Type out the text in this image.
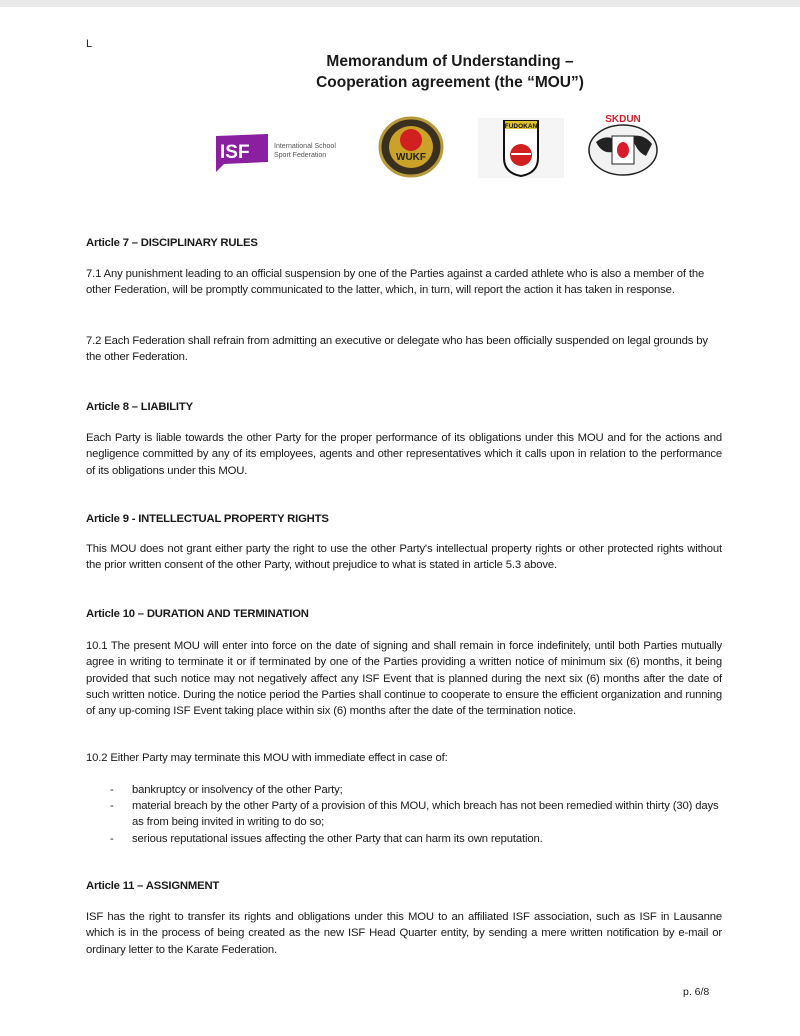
L
Memorandum of Understanding –
Cooperation agreement (the “MOU”)
ISF	International School
Sport Federation	WUKF
FUDOKAN
SKDUN
Article 7 – DISCIPLINARY RULES

7.1 Any punishment leading to an official suspension by one of the Parties against a carded athlete who is also a member of the other Federation, will be promptly communicated to the latter, which, in turn, will report the action it has taken in response.

7.2 Each Federation shall refrain from admitting an executive or delegate who has been officially suspended on legal grounds by the other Federation.

Article 8 – LIABILITY

Each Party is liable towards the other Party for the proper performance of its obligations under this MOU and for the actions and negligence committed by any of its employees, agents and other representatives which it calls upon in relation to the performance of its obligations under this MOU.

Article 9 - INTELLECTUAL PROPERTY RIGHTS

This MOU does not grant either party the right to use the other Party's intellectual property rights or other protected rights without the prior written consent of the other Party, without prejudice to what is stated in article 5.3 above.

Article 10 – DURATION AND TERMINATION

10.1 The present MOU will enter into force on the date of signing and shall remain in force indefinitely, until both Parties mutually agree in writing to terminate it or if terminated by one of the Parties providing a written notice of minimum six (6) months, it being provided that such notice may not negatively affect any ISF Event that is planned during the next six (6) months after the date of such written notice. During the notice period the Parties shall continue to cooperate to ensure the efficient organization and running of any up-coming ISF Event taking place within six (6) months after the date of the termination notice.

10.2 Either Party may terminate this MOU with immediate effect in case of:

- bankruptcy or insolvency of the other Party;
- material breach by the other Party of a provision of this MOU, which breach has not been remedied within thirty (30) days as from being invited in writing to do so;
- serious reputational issues affecting the other Party that can harm its own reputation.
Article 11 – ASSIGNMENT

ISF has the right to transfer its rights and obligations under this MOU to an affiliated ISF association, such as ISF in Lausanne which is in the process of being created as the new ISF Head Quarter entity, by sending a mere written notification by e-mail or ordinary letter to the Karate Federation.

p. 6/8
